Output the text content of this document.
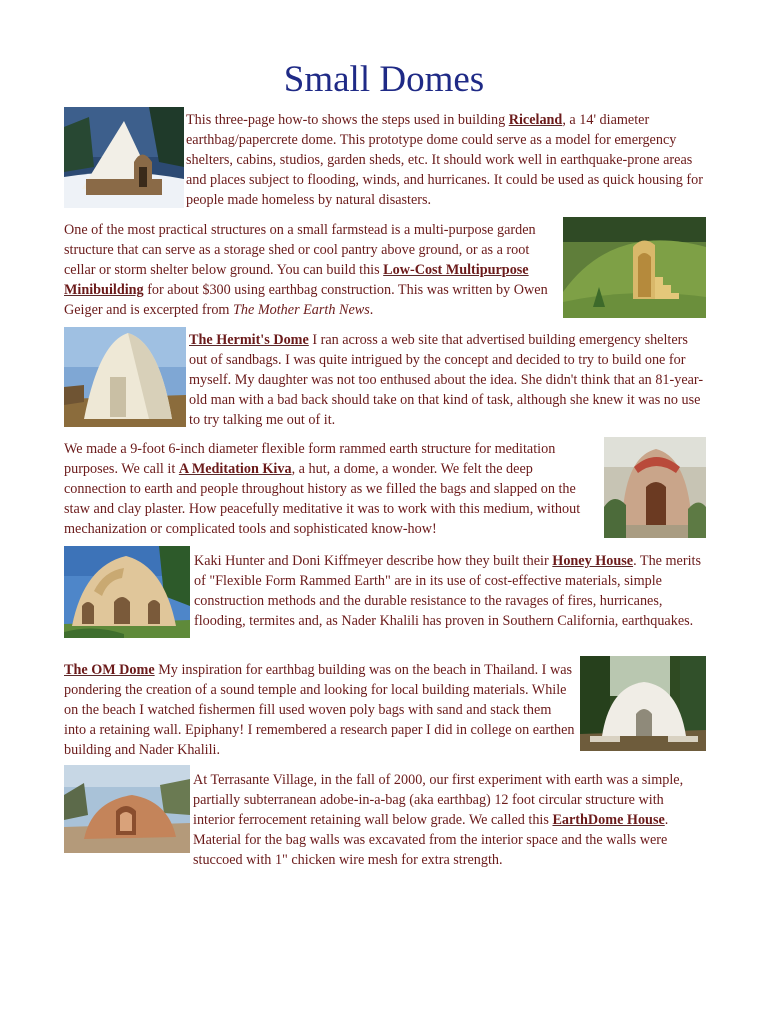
Small Domes

This three-page how-to shows the steps used in building Riceland, a 14' diameter earthbag/papercrete dome. This prototype dome could serve as a model for emergency shelters, cabins, studios, garden sheds, etc. It should work well in earthquake-prone areas and places subject to flooding, winds, and hurricanes. It could be used as quick housing for people made homeless by natural disasters.

One of the most practical structures on a small farmstead is a multi-purpose garden structure that can serve as a storage shed or cool pantry above ground, or as a root cellar or storm shelter below ground. You can build this Low-Cost Multipurpose Minibuilding for about $300 using earthbag construction. This was written by Owen Geiger and is excerpted from The Mother Earth News.

The Hermit's Dome I ran across a web site that advertised building emergency shelters out of sandbags. I was quite intrigued by the concept and decided to try to build one for myself. My daughter was not too enthused about the idea. She didn't think that an 81-year-old man with a bad back should take on that kind of task, although she knew it was no use to try talking me out of it.

We made a 9-foot 6-inch diameter flexible form rammed earth structure for meditation purposes. We call it A Meditation Kiva, a hut, a dome, a wonder. We felt the deep connection to earth and people throughout history as we filled the bags and slapped on the staw and clay plaster. How peacefully meditative it was to work with this medium, without mechanization or complicated tools and sophisticated know-how!

Kaki Hunter and Doni Kiffmeyer describe how they built their Honey House. The merits of "Flexible Form Rammed Earth" are in its use of cost-effective materials, simple construction methods and the durable resistance to the ravages of fires, hurricanes, flooding, termites and, as Nader Khalili has proven in Southern California, earthquakes.

The OM Dome My inspiration for earthbag building was on the beach in Thailand. I was pondering the creation of a sound temple and looking for local building materials. While on the beach I watched fishermen fill used woven poly bags with sand and stack them into a retaining wall. Epiphany! I remembered a research paper I did in college on earthen building and Nader Khalili.

At Terrasante Village, in the fall of 2000, our first experiment with earth was a simple, partially subterranean adobe-in-a-bag (aka earthbag) 12 foot circular structure with interior ferrocement retaining wall below grade. We called this EarthDome House. Material for the bag walls was excavated from the interior space and the walls were stuccoed with 1" chicken wire mesh for extra strength.
